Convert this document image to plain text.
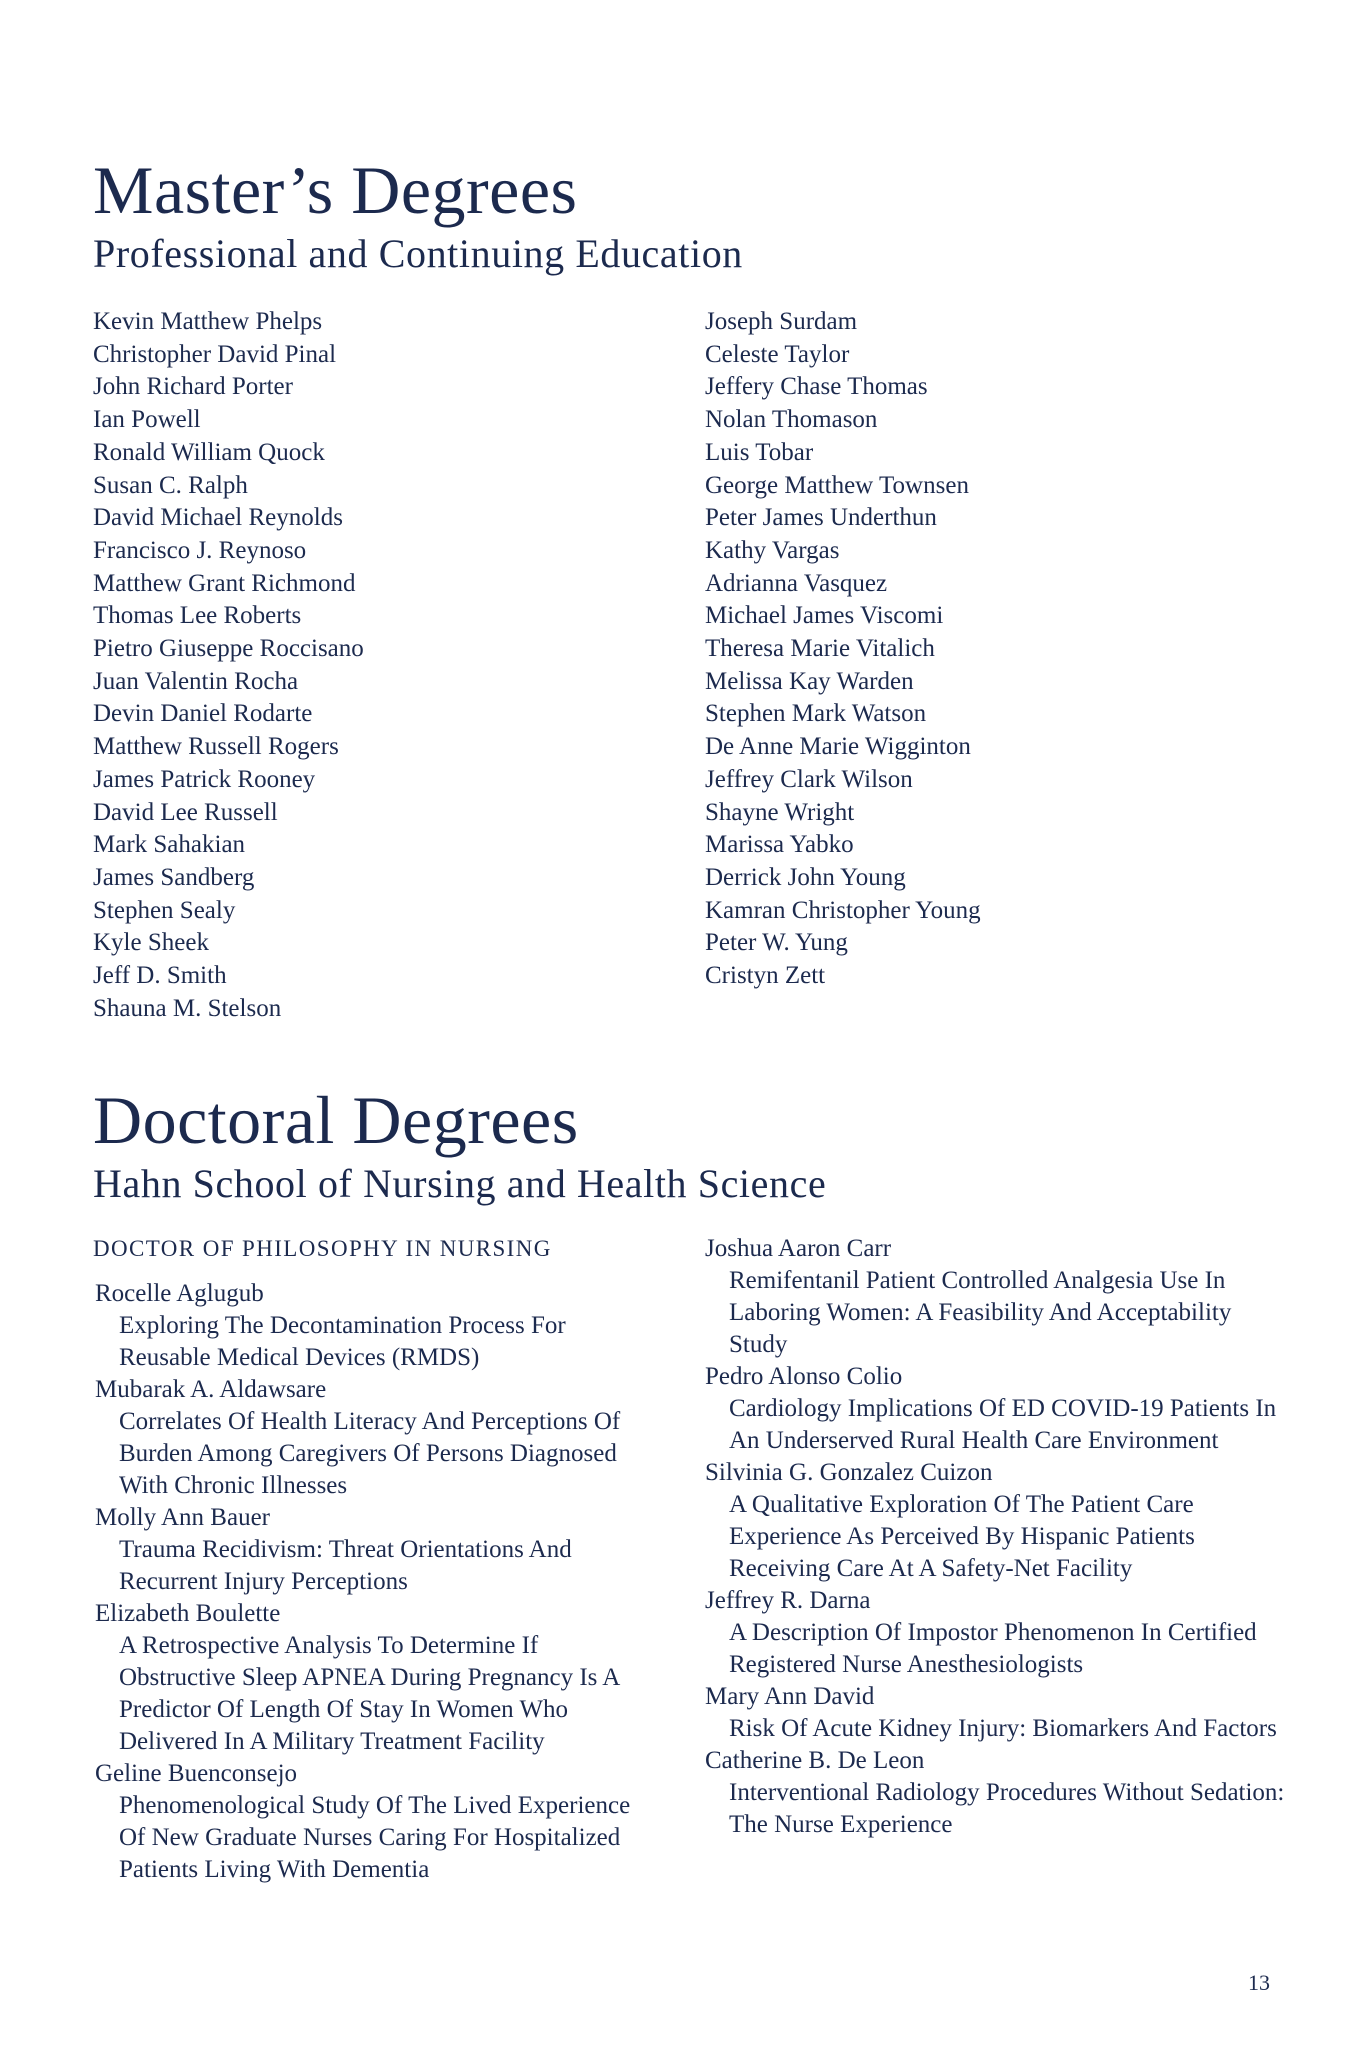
Master’s Degrees
Professional and Continuing Education
Kevin Matthew Phelps
Christopher David Pinal
John Richard Porter
Ian Powell
Ronald William Quock
Susan C. Ralph
David Michael Reynolds
Francisco J. Reynoso
Matthew Grant Richmond
Thomas Lee Roberts
Pietro Giuseppe Roccisano
Juan Valentin Rocha
Devin Daniel Rodarte
Matthew Russell Rogers
James Patrick Rooney
David Lee Russell
Mark Sahakian
James Sandberg
Stephen Sealy
Kyle Sheek
Jeff D. Smith
Shauna M. Stelson
Joseph Surdam
Celeste Taylor
Jeffery Chase Thomas
Nolan Thomason
Luis Tobar
George Matthew Townsen
Peter James Underthun
Kathy Vargas
Adrianna Vasquez
Michael James Viscomi
Theresa Marie Vitalich
Melissa Kay Warden
Stephen Mark Watson
De Anne Marie Wigginton
Jeffrey Clark Wilson
Shayne Wright
Marissa Yabko
Derrick John Young
Kamran Christopher Young
Peter W. Yung
Cristyn Zett
Doctoral Degrees
Hahn School of Nursing and Health Science
DOCTOR OF PHILOSOPHY IN NURSING
Rocelle Aglugub
Exploring The Decontamination Process For Reusable Medical Devices (RMDS)
Mubarak A. Aldawsare
Correlates Of Health Literacy And Perceptions Of Burden Among Caregivers Of Persons Diagnosed With Chronic Illnesses
Molly Ann Bauer
Trauma Recidivism: Threat Orientations And Recurrent Injury Perceptions
Elizabeth Boulette
A Retrospective Analysis To Determine If Obstructive Sleep APNEA During Pregnancy Is A Predictor Of Length Of Stay In Women Who Delivered In A Military Treatment Facility
Geline Buenconsejo
Phenomenological Study Of The Lived Experience Of New Graduate Nurses Caring For Hospitalized Patients Living With Dementia
Joshua Aaron Carr
Remifentanil Patient Controlled Analgesia Use In Laboring Women: A Feasibility And Acceptability Study
Pedro Alonso Colio
Cardiology Implications Of ED COVID-19 Patients In An Underserved Rural Health Care Environment
Silvinia G. Gonzalez Cuizon
A Qualitative Exploration Of The Patient Care Experience As Perceived By Hispanic Patients Receiving Care At A Safety-Net Facility
Jeffrey R. Darna
A Description Of Impostor Phenomenon In Certified Registered Nurse Anesthesiologists
Mary Ann David
Risk Of Acute Kidney Injury: Biomarkers And Factors
Catherine B. De Leon
Interventional Radiology Procedures Without Sedation: The Nurse Experience
13
